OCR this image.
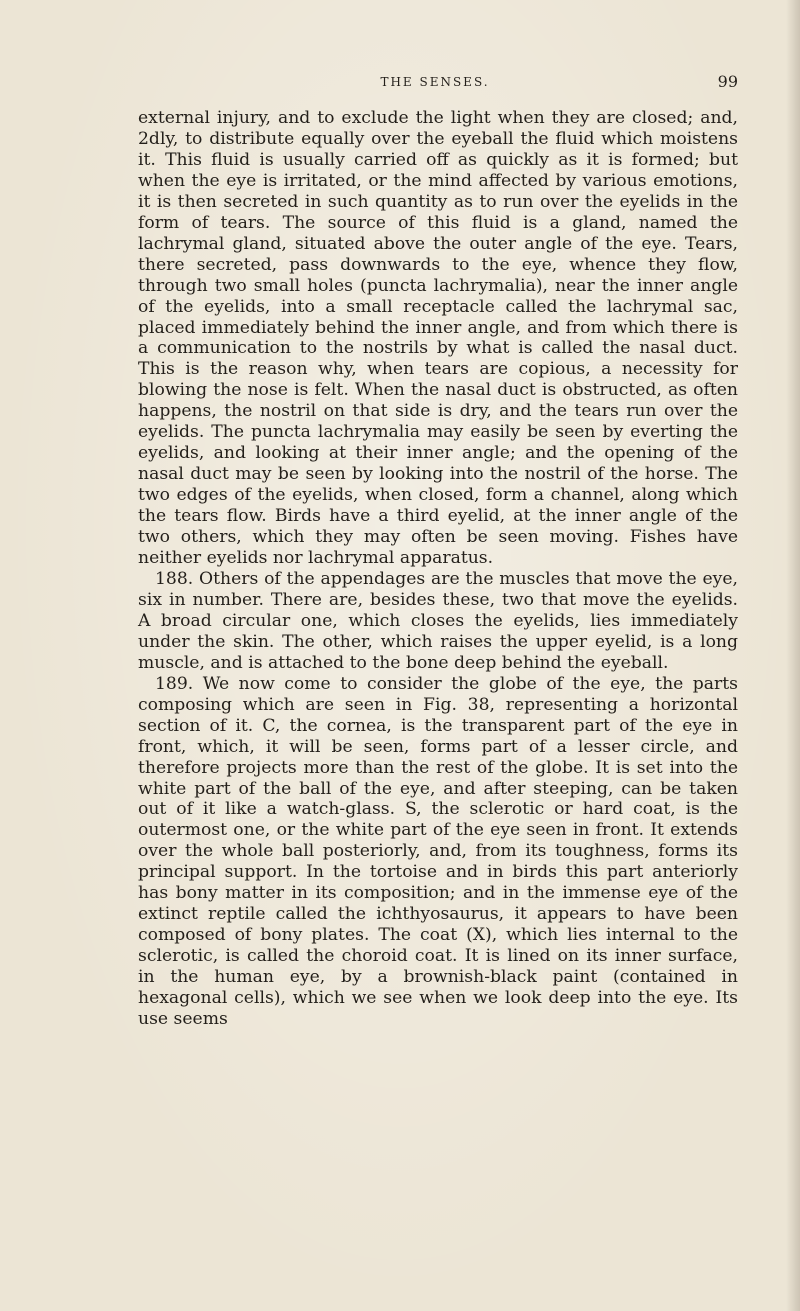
THE SENSES.	99

external injury, and to exclude the light when they are closed; and, 2dly, to distribute equally over the eyeball the fluid which moistens it. This fluid is usually carried off as quickly as it is formed; but when the eye is irritated, or the mind affected by various emotions, it is then secreted in such quantity as to run over the eyelids in the form of tears. The source of this fluid is a gland, named the lachrymal gland, situated above the outer angle of the eye. Tears, there secreted, pass downwards to the eye, whence they flow, through two small holes (puncta lachrymalia), near the inner angle of the eyelids, into a small receptacle called the lachrymal sac, placed immediately behind the inner angle, and from which there is a communication to the nostrils by what is called the nasal duct. This is the reason why, when tears are copious, a necessity for blowing the nose is felt. When the nasal duct is obstructed, as often happens, the nostril on that side is dry, and the tears run over the eyelids. The puncta lachrymalia may easily be seen by everting the eyelids, and looking at their inner angle; and the opening of the nasal duct may be seen by looking into the nostril of the horse. The two edges of the eyelids, when closed, form a channel, along which the tears flow. Birds have a third eyelid, at the inner angle of the two others, which they may often be seen moving. Fishes have neither eyelids nor lachrymal apparatus.

188. Others of the appendages are the muscles that move the eye, six in number. There are, besides these, two that move the eyelids. A broad circular one, which closes the eyelids, lies immediately under the skin. The other, which raises the upper eyelid, is a long muscle, and is attached to the bone deep behind the eyeball.

189. We now come to consider the globe of the eye, the parts composing which are seen in Fig. 38, representing a horizontal section of it. C, the cornea, is the transparent part of the eye in front, which, it will be seen, forms part of a lesser circle, and therefore projects more than the rest of the globe. It is set into the white part of the ball of the eye, and after steeping, can be taken out of it like a watch-glass. S, the sclerotic or hard coat, is the outermost one, or the white part of the eye seen in front. It extends over the whole ball posteriorly, and, from its toughness, forms its principal support. In the tortoise and in birds this part anteriorly has bony matter in its composition; and in the immense eye of the extinct reptile called the ichthyosaurus, it appears to have been composed of bony plates. The coat (X), which lies internal to the sclerotic, is called the choroid coat. It is lined on its inner surface, in the human eye, by a brownish-black paint (contained in hexagonal cells), which we see when we look deep into the eye. Its use seems
